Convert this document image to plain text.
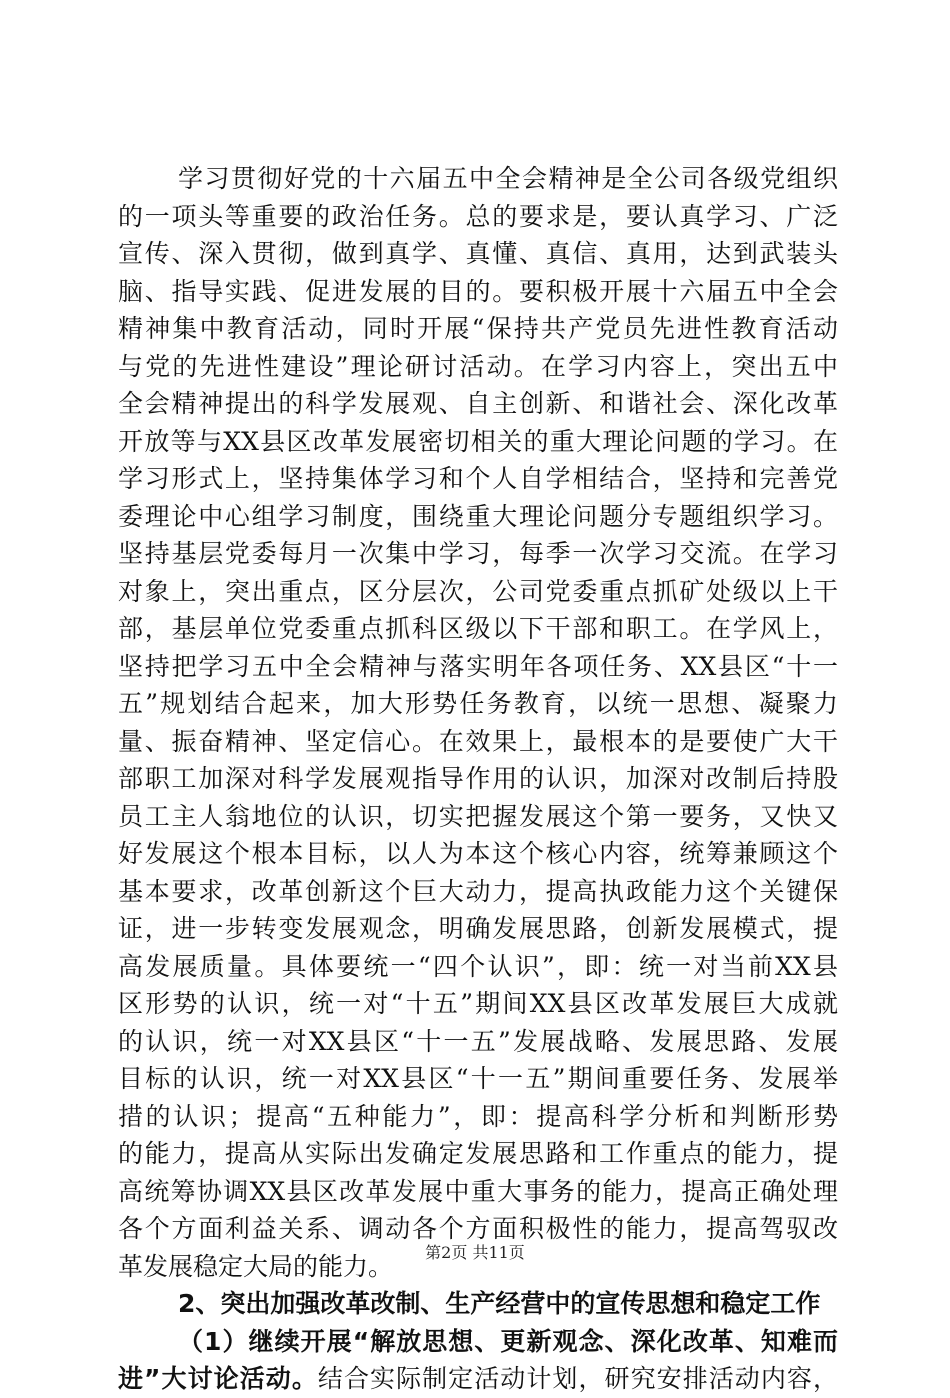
学习贯彻好党的十六届五中全会精神是全公司各级党组织
的一项头等重要的政治任务。总的要求是，要认真学习、广泛
宣传、深入贯彻，做到真学、真懂、真信、真用，达到武装头
脑、指导实践、促进发展的目的。要积极开展十六届五中全会
精神集中教育活动，同时开展“保持共产党员先进性教育活动
与党的先进性建设”理论研讨活动。在学习内容上，突出五中
全会精神提出的科学发展观、自主创新、和谐社会、深化改革
开放等与XX县区改革发展密切相关的重大理论问题的学习。在
学习形式上，坚持集体学习和个人自学相结合，坚持和完善党
委理论中心组学习制度，围绕重大理论问题分专题组织学习。
坚持基层党委每月一次集中学习，每季一次学习交流。在学习
对象上，突出重点，区分层次，公司党委重点抓矿处级以上干
部，基层单位党委重点抓科区级以下干部和职工。在学风上，
坚持把学习五中全会精神与落实明年各项任务、XX县区“十一
五”规划结合起来，加大形势任务教育，以统一思想、凝聚力
量、振奋精神、坚定信心。在效果上，最根本的是要使广大干
部职工加深对科学发展观指导作用的认识，加深对改制后持股
员工主人翁地位的认识，切实把握发展这个第一要务，又快又
好发展这个根本目标，以人为本这个核心内容，统筹兼顾这个
基本要求，改革创新这个巨大动力，提高执政能力这个关键保
证，进一步转变发展观念，明确发展思路，创新发展模式，提
高发展质量。具体要统一“四个认识”，即：统一对当前XX县
区形势的认识，统一对“十五”期间XX县区改革发展巨大成就
的认识，统一对XX县区“十一五”发展战略、发展思路、发展
目标的认识，统一对XX县区“十一五”期间重要任务、发展举
措的认识；提高“五种能力”，即：提高科学分析和判断形势
的能力，提高从实际出发确定发展思路和工作重点的能力，提
高统筹协调XX县区改革发展中重大事务的能力，提高正确处理
各个方面利益关系、调动各个方面积极性的能力，提高驾驭改
革发展稳定大局的能力。
2、突出加强改革改制、生产经营中的宣传思想和稳定工作
（1）继续开展“解放思想、更新观念、深化改革、知难而
进”大讨论活动。结合实际制定活动计划，研究安排活动内容，
第2页 共11页
